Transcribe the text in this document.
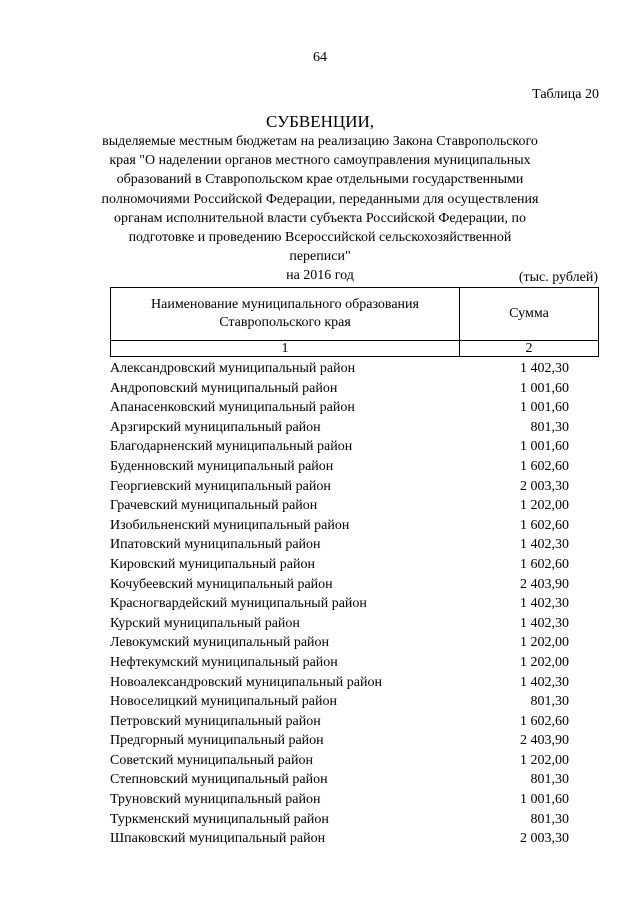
64
Таблица 20
СУБВЕНЦИИ,
выделяемые местным бюджетам на реализацию Закона Ставропольского
края "О наделении органов местного самоуправления муниципальных
образований в Ставропольском крае отдельными государственными
полномочиями Российской Федерации, переданными для осуществления
органам исполнительной власти субъекта Российской Федерации, по
подготовке и проведению Всероссийской сельскохозяйственной переписи"
на 2016 год	(тыс. рублей)
Наименование муниципального образования
Ставропольского края	Сумма
1	2
Александровский муниципальный район	1 402,30
Андроповский муниципальный район	1 001,60
Апанасенковский муниципальный район	1 001,60
Арзгирский муниципальный район	801,30
Благодарненский муниципальный район	1 001,60
Буденновский муниципальный район	1 602,60
Георгиевский муниципальный район	2 003,30
Грачевский муниципальный район	1 202,00
Изобильненский муниципальный район	1 602,60
Ипатовский муниципальный район	1 402,30
Кировский муниципальный район	1 602,60
Кочубеевский муниципальный район	2 403,90
Красногвардейский муниципальный район	1 402,30
Курский муниципальный район	1 402,30
Левокумский муниципальный район	1 202,00
Нефтекумский муниципальный район	1 202,00
Новоалександровский муниципальный район	1 402,30
Новоселицкий муниципальный район	801,30
Петровский муниципальный район	1 602,60
Предгорный муниципальный район	2 403,90
Советский муниципальный район	1 202,00
Степновский муниципальный район	801,30
Труновский муниципальный район	1 001,60
Туркменский муниципальный район	801,30
Шпаковский муниципальный район	2 003,30
